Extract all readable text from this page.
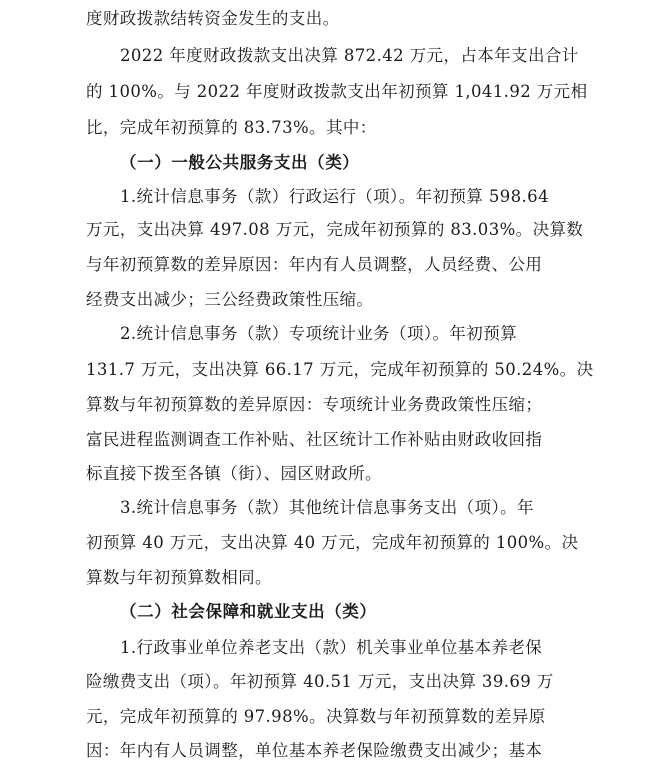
度财政拨款结转资金发生的支出。
2022 年度财政拨款支出决算 872.42 万元，占本年支出合计
的 100%。与 2022 年度财政拨款支出年初预算 1,041.92 万元相
比，完成年初预算的 83.73%。其中：
（一）一般公共服务支出（类）
1.统计信息事务（款）行政运行（项）。年初预算 598.64
万元，支出决算 497.08 万元，完成年初预算的 83.03%。决算数
与年初预算数的差异原因：年内有人员调整，人员经费、公用
经费支出减少；三公经费政策性压缩。
2.统计信息事务（款）专项统计业务（项）。年初预算
131.7 万元，支出决算 66.17 万元，完成年初预算的 50.24%。决
算数与年初预算数的差异原因：专项统计业务费政策性压缩；
富民进程监测调查工作补贴、社区统计工作补贴由财政收回指
标直接下拨至各镇（街）、园区财政所。
3.统计信息事务（款）其他统计信息事务支出（项）。年
初预算 40 万元，支出决算 40 万元，完成年初预算的 100%。决
算数与年初预算数相同。
（二）社会保障和就业支出（类）
1.行政事业单位养老支出（款）机关事业单位基本养老保
险缴费支出（项）。年初预算 40.51 万元，支出决算 39.69 万
元，完成年初预算的 97.98%。决算数与年初预算数的差异原
因：年内有人员调整，单位基本养老保险缴费支出减少；基本
